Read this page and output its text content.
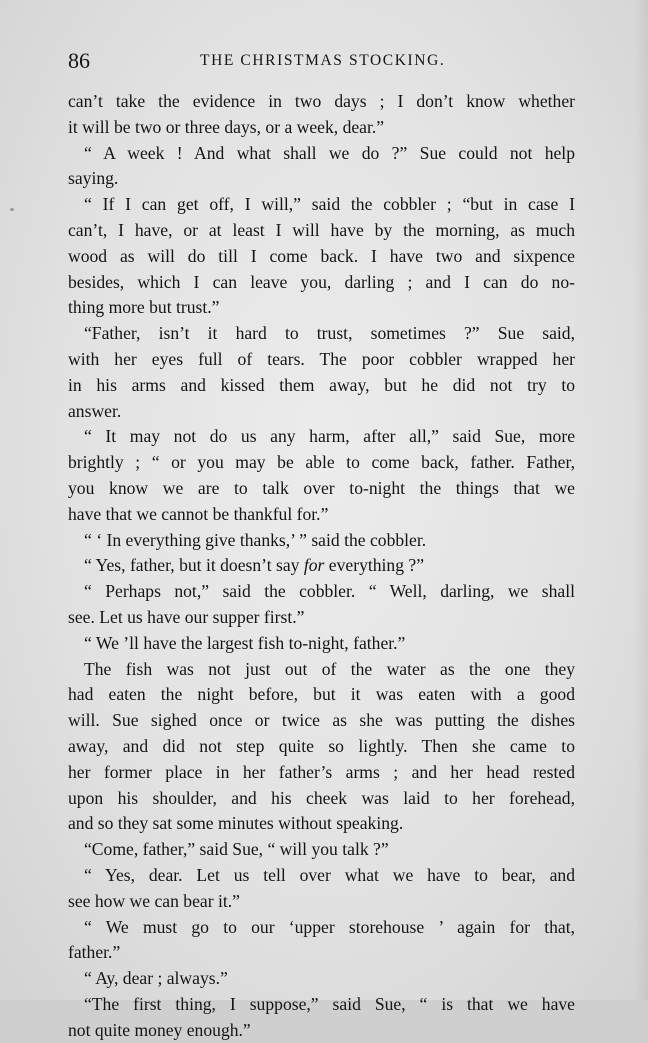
86	THE CHRISTMAS STOCKING.
can’t take the evidence in two days ; I don’t know whether
it will be two or three days, or a week, dear.”
“ A week ! And what shall we do ?” Sue could not help
saying.
“ If I can get off, I will,” said the cobbler ; “but in case I
can’t, I have, or at least I will have by the morning, as much
wood as will do till I come back. I have two and sixpence
besides, which I can leave you, darling ; and I can do no-
thing more but trust.”
“Father, isn’t it hard to trust, sometimes ?” Sue said,
with her eyes full of tears. The poor cobbler wrapped her
in his arms and kissed them away, but he did not try to
answer.
“ It may not do us any harm, after all,” said Sue, more
brightly ; “ or you may be able to come back, father. Father,
you know we are to talk over to-night the things that we
have that we cannot be thankful for.”
“ ‘ In everything give thanks,’ ” said the cobbler.
“ Yes, father, but it doesn’t say for everything ?”
“ Perhaps not,” said the cobbler. “ Well, darling, we shall
see. Let us have our supper first.”
“ We ’ll have the largest fish to-night, father.”
The fish was not just out of the water as the one they
had eaten the night before, but it was eaten with a good
will. Sue sighed once or twice as she was putting the dishes
away, and did not step quite so lightly. Then she came to
her former place in her father’s arms ; and her head rested
upon his shoulder, and his cheek was laid to her forehead,
and so they sat some minutes without speaking.
“Come, father,” said Sue, “ will you talk ?”
“ Yes, dear. Let us tell over what we have to bear, and
see how we can bear it.”
“ We must go to our ‘upper storehouse ’ again for that,
father.”
“ Ay, dear ; always.”
“The first thing, I suppose,” said Sue, “ is that we have
not quite money enough.”
